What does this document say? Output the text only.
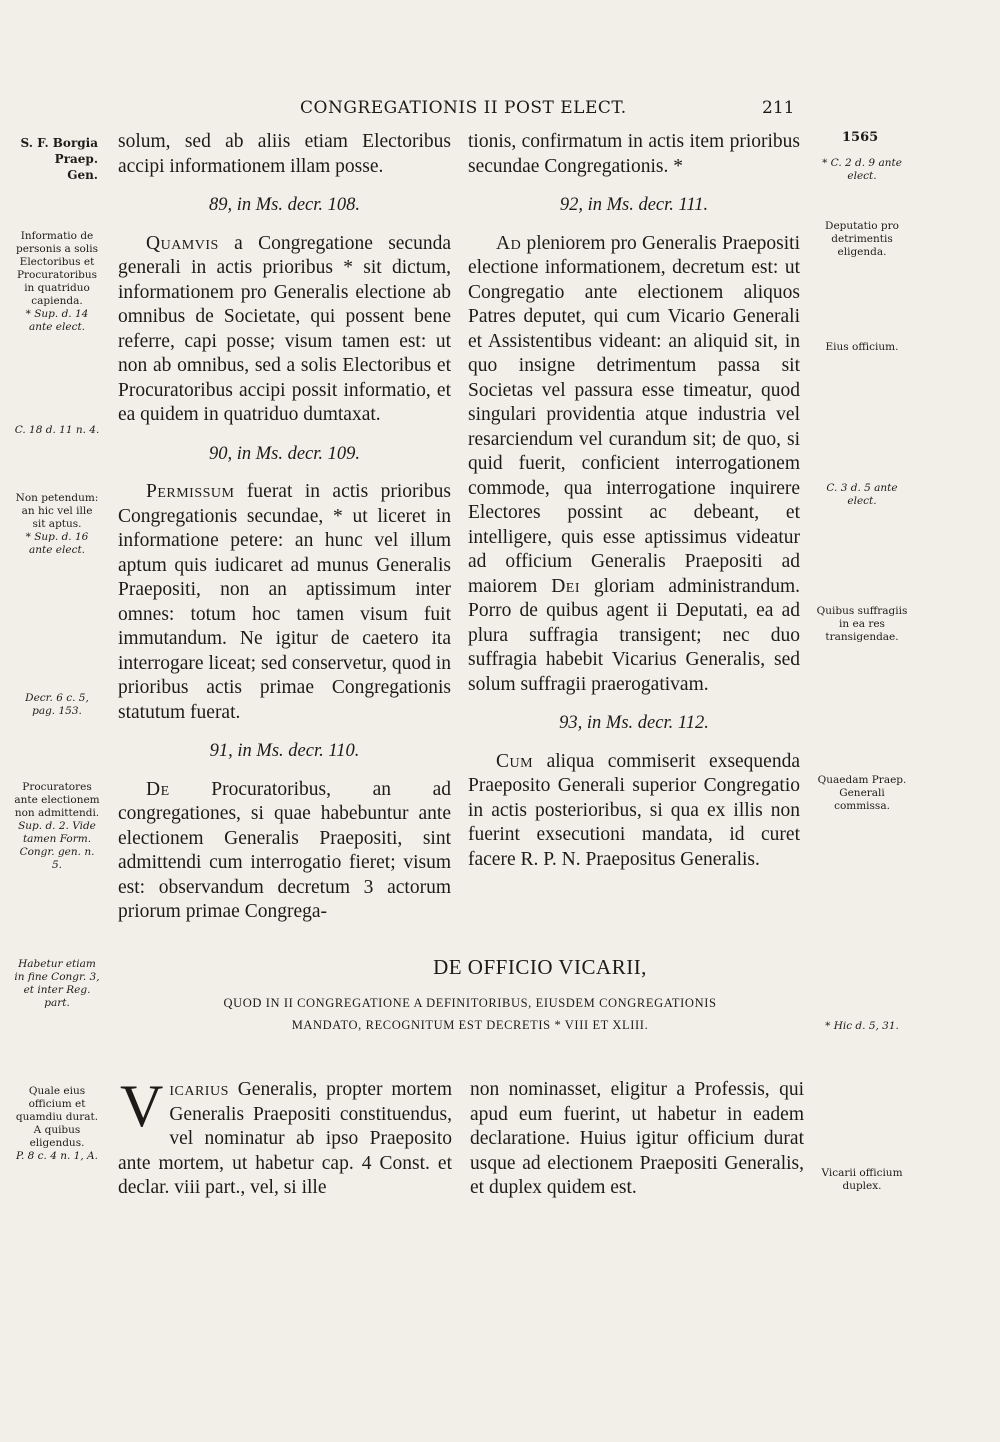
CONGREGATIONIS II POST ELECT.	211
1565
S. F. Borgia
Praep. Gen.

solum, sed ab aliis etiam Electoribus accipi informationem illam posse.

89, in Ms. decr. 108.

Quamvis a Congregatione secunda generali in actis prioribus * sit dictum, informationem pro Generalis electione ab omnibus de Societate, qui possent bene referre, capi posse; visum tamen est: ut non ab omnibus, sed a solis Electoribus et Procuratoribus accipi possit informatio, et ea quidem in quatriduo dumtaxat.

90, in Ms. decr. 109.

Permissum fuerat in actis prioribus Congregationis secundae, * ut liceret in informatione petere: an hunc vel illum aptum quis iudicaret ad munus Generalis Praepositi, non an aptissimum inter omnes: totum hoc tamen visum fuit immutandum. Ne igitur de caetero ita interrogare liceat; sed conservetur, quod in prioribus actis primae Congregationis statutum fuerat.

91, in Ms. decr. 110.

De Procuratoribus, an ad congregationes, si quae habebuntur ante electionem Generalis Praepositi, sint admittendi cum interrogatio fieret; visum est: observandum decretum 3 actorum priorum primae Congrega-

tionis, confirmatum in actis item prioribus secundae Congregationis. *

92, in Ms. decr. 111.

Ad pleniorem pro Generalis Praepositi electione informationem, decretum est: ut Congregatio ante electionem aliquos Patres deputet, qui cum Vicario Generali et Assistentibus videant: an aliquid sit, in quo insigne detrimentum passa sit Societas vel passura esse timeatur, quod singulari providentia atque industria vel resarciendum vel curandum sit; de quo, si quid fuerit, conficient interrogationem commode, qua interrogatione inquirere Electores possint ac debeant, et intelligere, quis esse aptissimus videatur ad officium Generalis Praepositi ad maiorem Dei gloriam administrandum. Porro de quibus agent ii Deputati, ea ad plura suffragia transigent; nec duo suffragia habebit Vicarius Generalis, sed solum suffragii praerogativam.

93, in Ms. decr. 112.

Cum aliqua commiserit exsequenda Praeposito Generali superior Congregatio in actis posterioribus, si qua ex illis non fuerint exsecutioni mandata, id curet facere R. P. N. Praepositus Generalis.

Informatio de personis a solis Electoribus et Procuratoribus in quatriduo capienda.
* Sup. d. 14 ante elect.
C. 18 d. 11 n. 4.
Non petendum: an hic vel ille sit aptus.
* Sup. d. 16 ante elect.
Decr. 6 c. 5, pag. 153.
Procuratores ante electionem non admittendi.
Sup. d. 2. Vide tamen Form. Congr. gen. n. 5.
Habetur etiam in fine Congr. 3, et inter Reg. part.
Quale eius officium et quamdiu durat. A quibus eligendus.
P. 8 c. 4 n. 1, A.
* C. 2 d. 9 ante elect.
Deputatio pro detrimentis eligenda.
Eius officium.
C. 3 d. 5 ante elect.
Quibus suffragiis in ea res transigendae.
Quaedam Praep. Generali commissa.
* Hic d. 5, 31.
Vicarii officium duplex.
DE OFFICIO VICARII,
QUOD IN II CONGREGATIONE A DEFINITORIBUS, EIUSDEM CONGREGATIONIS
MANDATO, RECOGNITUM EST DECRETIS * VIII ET XLIII.

Vicarius Generalis, propter mortem Generalis Praepositi constituendus, vel nominatur ab ipso Praeposito ante mortem, ut habetur cap. 4 Const. et declar. viii part., vel, si ille

non nominasset, eligitur a Professis, qui apud eum fuerint, ut habetur in eadem declaratione. Huius igitur officium durat usque ad electionem Praepositi Generalis, et duplex quidem est.
